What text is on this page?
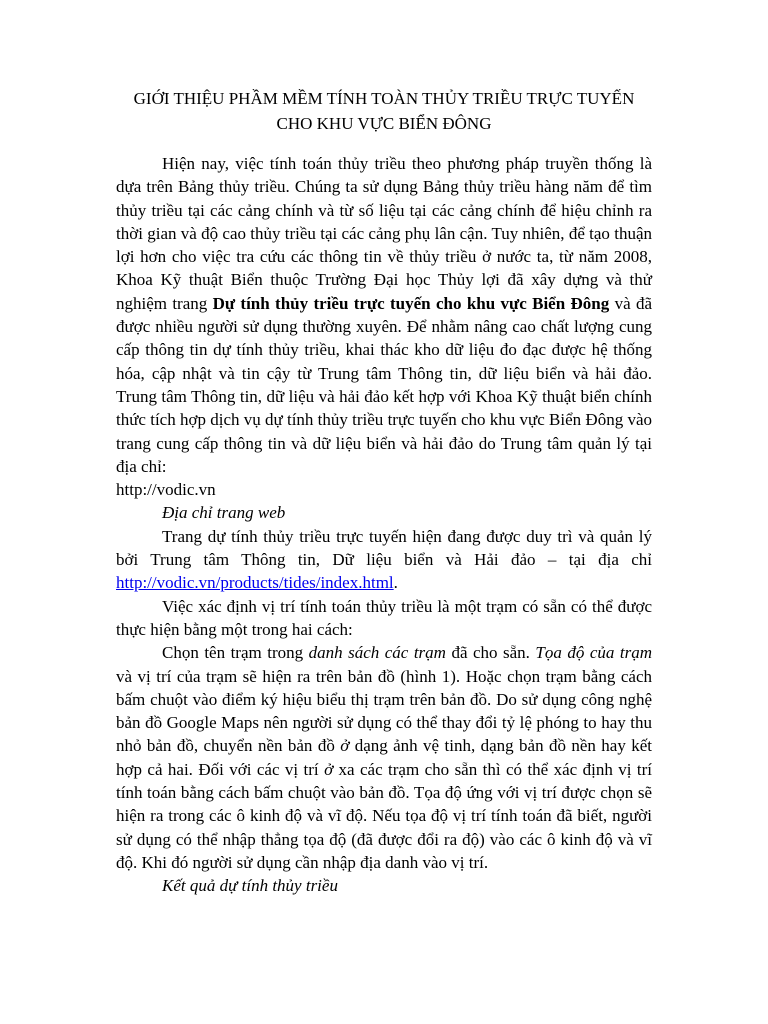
GIỚI THIỆU PHẦM MỀM TÍNH TOÀN THỦY TRIỀU TRỰC TUYẾN
CHO KHU VỰC BIỂN ĐÔNG

Hiện nay, việc tính toán thủy triều theo phương pháp truyền thống là dựa trên Bảng thủy triều. Chúng ta sử dụng Bảng thủy triều hàng năm để tìm thủy triều tại các cảng chính và từ số liệu tại các cảng chính để hiệu chỉnh ra thời gian và độ cao thủy triều tại các cảng phụ lân cận. Tuy nhiên, để tạo thuận lợi hơn cho việc tra cứu các thông tin về thủy triều ở nước ta, từ năm 2008, Khoa Kỹ thuật Biển thuộc Trường Đại học Thủy lợi đã xây dựng và thử nghiệm trang Dự tính thủy triều trực tuyến cho khu vực Biển Đông và đã được nhiều người sử dụng thường xuyên. Để nhằm nâng cao chất lượng cung cấp thông tin dự tính thủy triều, khai thác kho dữ liệu đo đạc được hệ thống hóa, cập nhật và tin cậy từ Trung tâm Thông tin, dữ liệu biển và hải đảo. Trung tâm Thông tin, dữ liệu và hải đảo kết hợp với Khoa Kỹ thuật biển chính thức tích hợp dịch vụ dự tính thủy triều trực tuyến cho khu vực Biển Đông vào trang cung cấp thông tin và dữ liệu biển và hải đảo do Trung tâm quản lý tại địa chỉ:
http://vodic.vn

Địa chỉ trang web

Trang dự tính thủy triều trực tuyến hiện đang được duy trì và quản lý bởi Trung tâm Thông tin, Dữ liệu biển và Hải đảo – tại địa chỉ http://vodic.vn/products/tides/index.html.

Việc xác định vị trí tính toán thủy triều là một trạm có sẵn có thể được thực hiện bằng một trong hai cách:

Chọn tên trạm trong danh sách các trạm đã cho sẵn. Tọa độ của trạm và vị trí của trạm sẽ hiện ra trên bản đồ (hình 1). Hoặc chọn trạm bằng cách bấm chuột vào điểm ký hiệu biểu thị trạm trên bản đồ. Do sử dụng công nghệ bản đồ Google Maps nên người sử dụng có thể thay đổi tỷ lệ phóng to hay thu nhỏ bản đồ, chuyển nền bản đồ ở dạng ảnh vệ tinh, dạng bản đồ nền hay kết hợp cả hai. Đối với các vị trí ở xa các trạm cho sẵn thì có thể xác định vị trí tính toán bằng cách bấm chuột vào bản đồ. Tọa độ ứng với vị trí được chọn sẽ hiện ra trong các ô kinh độ và vĩ độ. Nếu tọa độ vị trí tính toán đã biết, người sử dụng có thể nhập thẳng tọa độ (đã được đổi ra độ) vào các ô kinh độ và vĩ độ. Khi đó người sử dụng cần nhập địa danh vào vị trí.

Kết quả dự tính thủy triều
